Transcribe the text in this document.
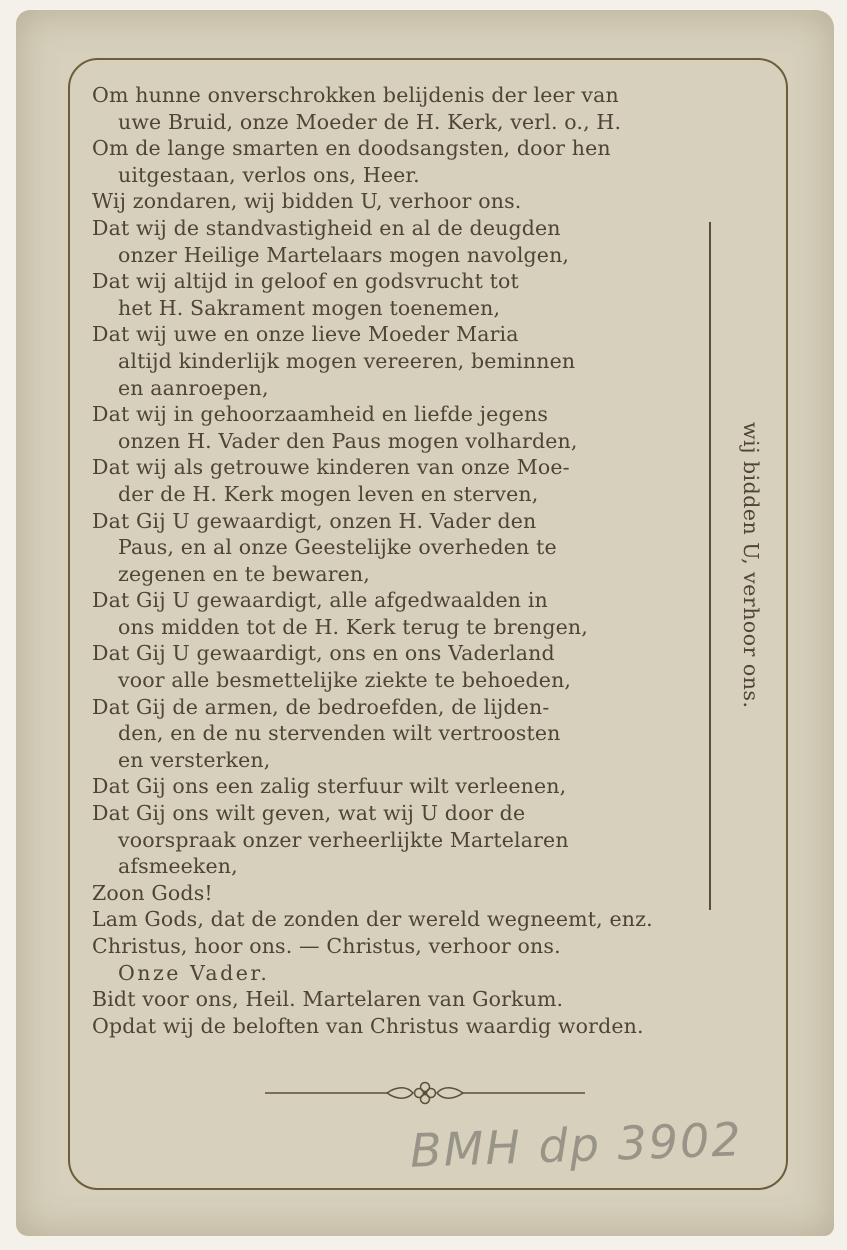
Om hunne onverschrokken belijdenis der leer van
uwe Bruid, onze Moeder de H. Kerk, verl. o., H.
Om de lange smarten en doodsangsten, door hen
uitgestaan, verlos ons, Heer.
Wij zondaren, wij bidden U, verhoor ons.
Dat wij de standvastigheid en al de deugden
onzer Heilige Martelaars mogen navolgen,
Dat wij altijd in geloof en godsvrucht tot
het H. Sakrament mogen toenemen,
Dat wij uwe en onze lieve Moeder Maria
altijd kinderlijk mogen vereeren, beminnen
en aanroepen,
Dat wij in gehoorzaamheid en liefde jegens
onzen H. Vader den Paus mogen volharden,
Dat wij als getrouwe kinderen van onze Moe-
der de H. Kerk mogen leven en sterven,
Dat Gij U gewaardigt, onzen H. Vader den
Paus, en al onze Geestelijke overheden te
zegenen en te bewaren,
Dat Gij U gewaardigt, alle afgedwaalden in
ons midden tot de H. Kerk terug te brengen,
Dat Gij U gewaardigt, ons en ons Vaderland
voor alle besmettelijke ziekte te behoeden,
Dat Gij de armen, de bedroefden, de lijden-
den, en de nu stervenden wilt vertroosten
en versterken,
Dat Gij ons een zalig sterfuur wilt verleenen,
Dat Gij ons wilt geven, wat wij U door de
voorspraak onzer verheerlijkte Martelaren
afsmeeken,
Zoon Gods!
Lam Gods, dat de zonden der wereld wegneemt, enz.
Christus, hoor ons. — Christus, verhoor ons.
Onze Vader.
Bidt voor ons, Heil. Martelaren van Gorkum.
Opdat wij de beloften van Christus waardig worden.
wij bidden U, verhoor ons.
BMH dp 3902
